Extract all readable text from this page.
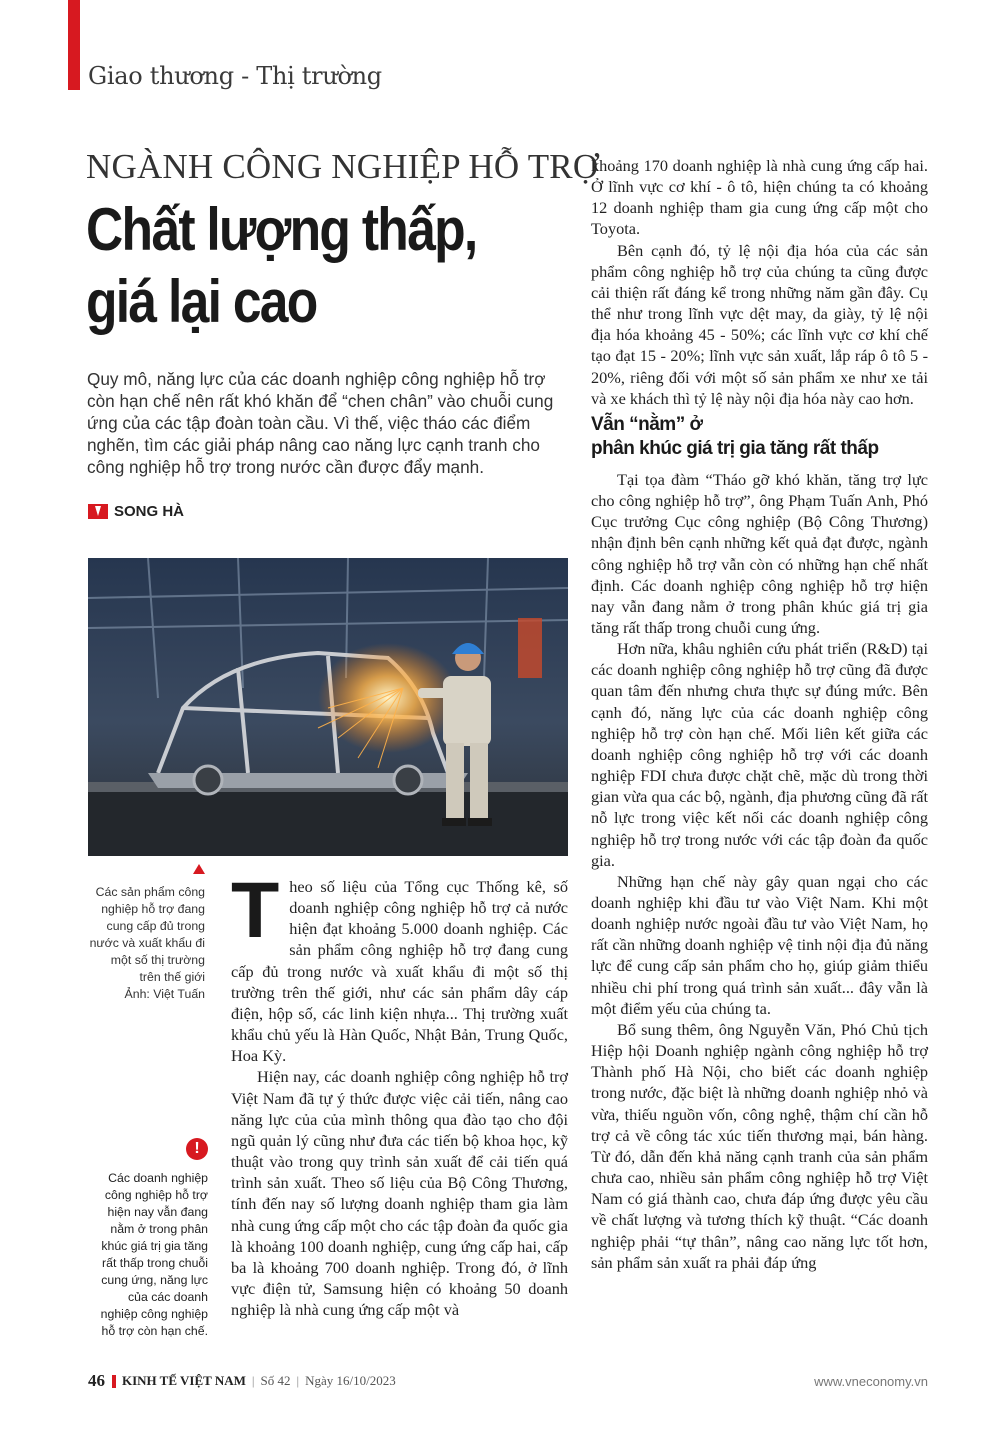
Giao thương - Thị trường
NGÀNH CÔNG NGHIỆP HỖ TRỢ
Chất lượng thấp,
giá lại cao
Quy mô, năng lực của các doanh nghiệp công nghiệp hỗ trợ còn hạn chế nên rất khó khăn để “chen chân” vào chuỗi cung ứng của các tập đoàn toàn cầu. Vì thế, việc tháo các điểm nghẽn, tìm các giải pháp nâng cao năng lực cạnh tranh cho công nghiệp hỗ trợ trong nước cần được đẩy mạnh.
SONG HÀ
Các sản phẩm công nghiệp hỗ trợ đang cung cấp đủ trong nước và xuất khẩu đi một số thị trường trên thế giới
Ảnh: Việt Tuấn
!
Các doanh nghiệp công nghiệp hỗ trợ hiện nay vẫn đang nằm ở trong phân khúc giá trị gia tăng rất thấp trong chuỗi cung ứng, năng lực của các doanh nghiệp công nghiệp hỗ trợ còn hạn chế.

Theo số liệu của Tổng cục Thống kê, số doanh nghiệp công nghiệp hỗ trợ cả nước hiện đạt khoảng 5.000 doanh nghiệp. Các sản phẩm công nghiệp hỗ trợ đang cung cấp đủ trong nước và xuất khẩu đi một số thị trường trên thế giới, như các sản phẩm dây cáp điện, hộp số, các linh kiện nhựa... Thị trường xuất khẩu chủ yếu là Hàn Quốc, Nhật Bản, Trung Quốc, Hoa Kỳ.

Hiện nay, các doanh nghiệp công nghiệp hỗ trợ Việt Nam đã tự ý thức được việc cải tiến, nâng cao năng lực của của mình thông qua đào tạo cho đội ngũ quản lý cũng như đưa các tiến bộ khoa học, kỹ thuật vào trong quy trình sản xuất để cải tiến quá trình sản xuất. Theo số liệu của Bộ Công Thương, tính đến nay số lượng doanh nghiệp tham gia làm nhà cung ứng cấp một cho các tập đoàn đa quốc gia là khoảng 100 doanh nghiệp, cung ứng cấp hai, cấp ba là khoảng 700 doanh nghiệp. Trong đó, ở lĩnh vực điện tử, Samsung hiện có khoảng 50 doanh nghiệp là nhà cung ứng cấp một và

khoảng 170 doanh nghiệp là nhà cung ứng cấp hai. Ở lĩnh vực cơ khí - ô tô, hiện chúng ta có khoảng 12 doanh nghiệp tham gia cung ứng cấp một cho Toyota.

Bên cạnh đó, tỷ lệ nội địa hóa của các sản phẩm công nghiệp hỗ trợ của chúng ta cũng được cải thiện rất đáng kể trong những năm gần đây. Cụ thể như trong lĩnh vực dệt may, da giày, tỷ lệ nội địa hóa khoảng 45 - 50%; các lĩnh vực cơ khí chế tạo đạt 15 - 20%; lĩnh vực sản xuất, lắp ráp ô tô 5 - 20%, riêng đối với một số sản phẩm xe như xe tải và xe khách thì tỷ lệ này nội địa hóa này cao hơn.

Vẫn “nằm” ở
phân khúc giá trị gia tăng rất thấp

Tại tọa đàm “Tháo gỡ khó khăn, tăng trợ lực cho công nghiệp hỗ trợ”, ông Phạm Tuấn Anh, Phó Cục trưởng Cục công nghiệp (Bộ Công Thương) nhận định bên cạnh những kết quả đạt được, ngành công nghiệp hỗ trợ vẫn còn có những hạn chế nhất định. Các doanh nghiệp công nghiệp hỗ trợ hiện nay vẫn đang nằm ở trong phân khúc giá trị gia tăng rất thấp trong chuỗi cung ứng.

Hơn nữa, khâu nghiên cứu phát triển (R&D) tại các doanh nghiệp công nghiệp hỗ trợ cũng đã được quan tâm đến nhưng chưa thực sự đúng mức. Bên cạnh đó, năng lực của các doanh nghiệp công nghiệp hỗ trợ còn hạn chế. Mối liên kết giữa các doanh nghiệp công nghiệp hỗ trợ với các doanh nghiệp FDI chưa được chặt chẽ, mặc dù trong thời gian vừa qua các bộ, ngành, địa phương cũng đã rất nỗ lực trong việc kết nối các doanh nghiệp công nghiệp hỗ trợ trong nước với các tập đoàn đa quốc gia.

Những hạn chế này gây quan ngại cho các doanh nghiệp khi đầu tư vào Việt Nam. Khi một doanh nghiệp nước ngoài đầu tư vào Việt Nam, họ rất cần những doanh nghiệp vệ tinh nội địa đủ năng lực để cung cấp sản phẩm cho họ, giúp giảm thiểu nhiều chi phí trong quá trình sản xuất... đây vẫn là một điểm yếu của chúng ta.

Bổ sung thêm, ông Nguyễn Văn, Phó Chủ tịch Hiệp hội Doanh nghiệp ngành công nghiệp hỗ trợ Thành phố Hà Nội, cho biết các doanh nghiệp trong nước, đặc biệt là những doanh nghiệp nhỏ và vừa, thiếu nguồn vốn, công nghệ, thậm chí cần hỗ trợ cả về công tác xúc tiến thương mại, bán hàng. Từ đó, dẫn đến khả năng cạnh tranh của sản phẩm chưa cao, nhiều sản phẩm công nghiệp hỗ trợ Việt Nam có giá thành cao, chưa đáp ứng được yêu cầu về chất lượng và tương thích kỹ thuật. “Các doanh nghiệp phải “tự thân”, nâng cao năng lực tốt hơn, sản phẩm sản xuất ra phải đáp ứng

46 KINH TẾ VIỆT NAM | Số 42 | Ngày 16/10/2023	www.vneconomy.vn
